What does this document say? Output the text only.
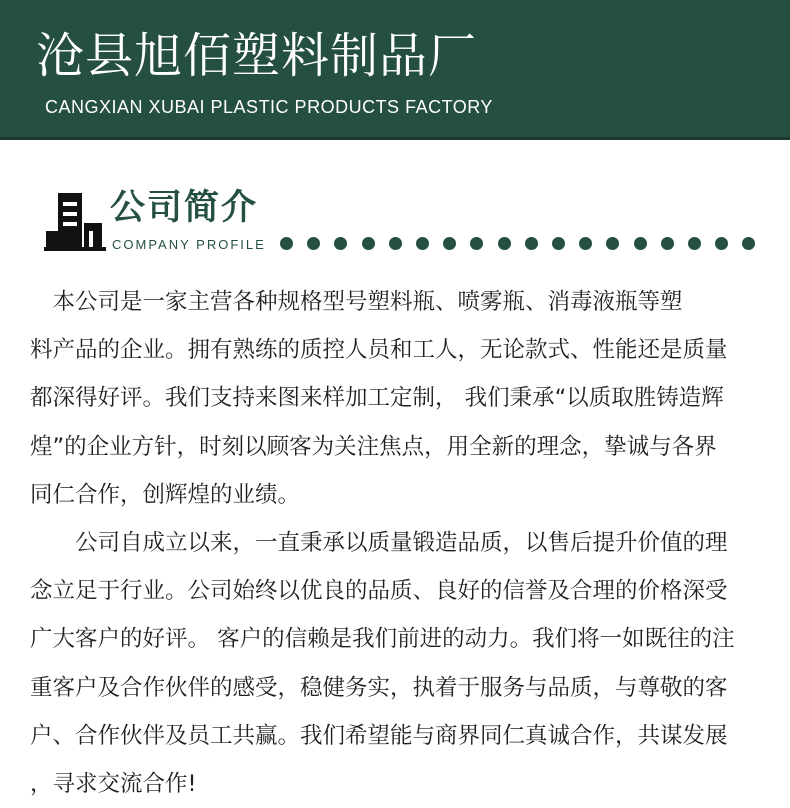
沧县旭佰塑料制品厂
CANGXIAN XUBAI PLASTIC PRODUCTS FACTORY
公司简介
COMPANY PROFILE

　本公司是一家主营各种规格型号塑料瓶、喷雾瓶、消毒液瓶等塑

料产品的企业。拥有熟练的质控人员和工人，无论款式、性能还是质量

都深得好评。我们支持来图来样加工定制， 我们秉承“以质取胜铸造辉

煌”的企业方针，时刻以顾客为关注焦点，用全新的理念，挚诚与各界

同仁合作，创辉煌的业绩。

　　公司自成立以来，一直秉承以质量锻造品质，以售后提升价值的理

念立足于行业。公司始终以优良的品质、良好的信誉及合理的价格深受

广大客户的好评。 客户的信赖是我们前进的动力。我们将一如既往的注

重客户及合作伙伴的感受，稳健务实，执着于服务与品质，与尊敬的客

户、合作伙伴及员工共赢。我们希望能与商界同仁真诚合作，共谋发展

，寻求交流合作!
